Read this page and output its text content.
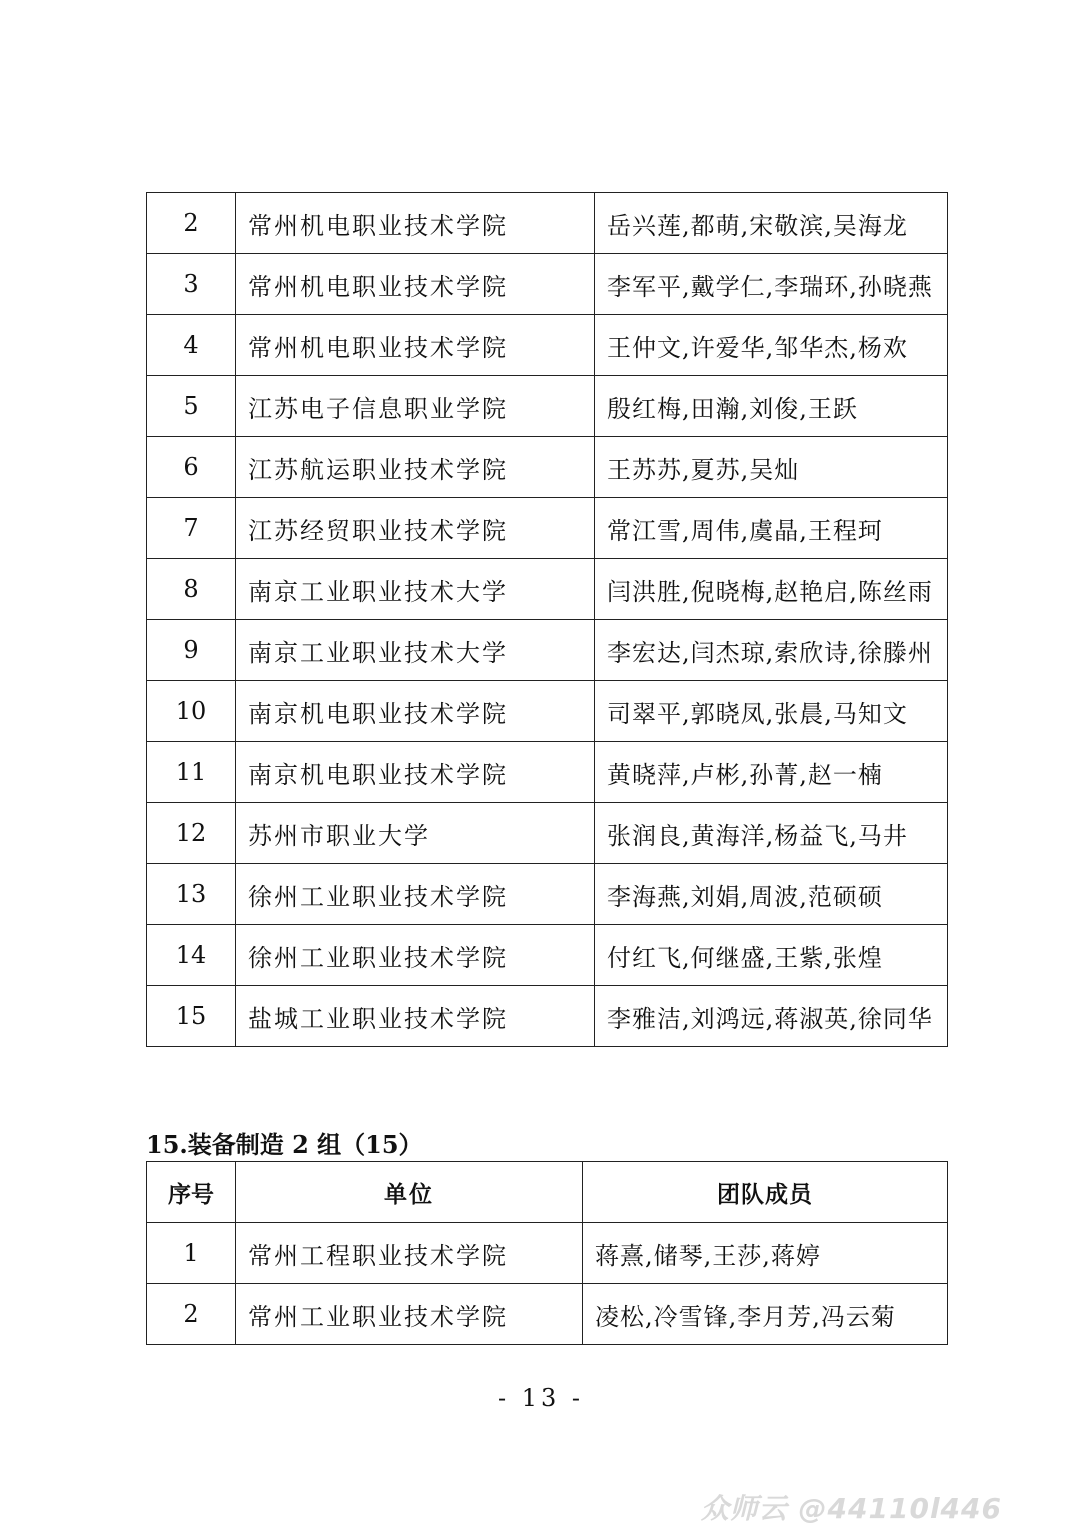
2	常州机电职业技术学院	岳兴莲,都萌,宋敬滨,吴海龙
3	常州机电职业技术学院	李军平,戴学仁,李瑞环,孙晓燕
4	常州机电职业技术学院	王仲文,许爱华,邹华杰,杨欢
5	江苏电子信息职业学院	殷红梅,田瀚,刘俊,王跃
6	江苏航运职业技术学院	王苏苏,夏苏,吴灿
7	江苏经贸职业技术学院	常江雪,周伟,虞晶,王程珂
8	南京工业职业技术大学	闫洪胜,倪晓梅,赵艳启,陈丝雨
9	南京工业职业技术大学	李宏达,闫杰琼,索欣诗,徐滕州
10	南京机电职业技术学院	司翠平,郭晓凤,张晨,马知文
11	南京机电职业技术学院	黄晓萍,卢彬,孙菁,赵一楠
12	苏州市职业大学	张润良,黄海洋,杨益飞,马井
13	徐州工业职业技术学院	李海燕,刘娟,周波,范硕硕
14	徐州工业职业技术学院	付红飞,何继盛,王紫,张煌
15	盐城工业职业技术学院	李雅洁,刘鸿远,蒋淑英,徐同华
15.装备制造 2 组（15）
序号	单位	团队成员
1	常州工程职业技术学院	蒋熹,储琴,王莎,蒋婷
2	常州工业职业技术学院	凌松,冷雪锋,李月芳,冯云菊
- 13 -
众师云 @44110l446
